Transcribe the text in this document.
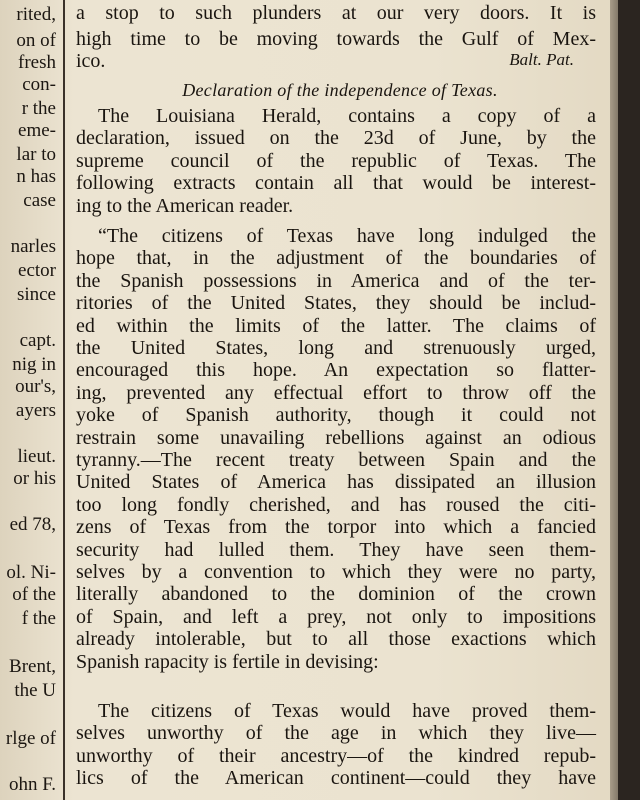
rited,
on of
fresh
con-
r the
eme-
lar to
n has
case
narles
ector
since
capt.
nig in
our's,
ayers
lieut.
or his
ed 78,
ol. Ni-
of the
f the
Brent,
the U
rlge of
ohn F.
a stop to such plunders at our very doors. It is
high time to be moving towards the Gulf of Mex-
ico.	Balt. Pat.
Declaration of the independence of Texas.
The Louisiana Herald, contains a copy of a
declaration, issued on the 23d of June, by the
supreme council of the republic of Texas. The
following extracts contain all that would be interest-
ing to the American reader.
“The citizens of Texas have long indulged the
hope that, in the adjustment of the boundaries of
the Spanish possessions in America and of the ter-
ritories of the United States, they should be includ-
ed within the limits of the latter. The claims of
the United States, long and strenuously urged,
encouraged this hope. An expectation so flatter-
ing, prevented any effectual effort to throw off the
yoke of Spanish authority, though it could not
restrain some unavailing rebellions against an odious
tyranny.—The recent treaty between Spain and the
United States of America has dissipated an illusion
too long fondly cherished, and has roused the citi-
zens of Texas from the torpor into which a fancied
security had lulled them. They have seen them-
selves by a convention to which they were no party,
literally abandoned to the dominion of the crown
of Spain, and left a prey, not only to impositions
already intolerable, but to all those exactions which
Spanish rapacity is fertile in devising:
The citizens of Texas would have proved them-
selves unworthy of the age in which they live—
unworthy of their ancestry—of the kindred repub-
lics of the American continent—could they have
